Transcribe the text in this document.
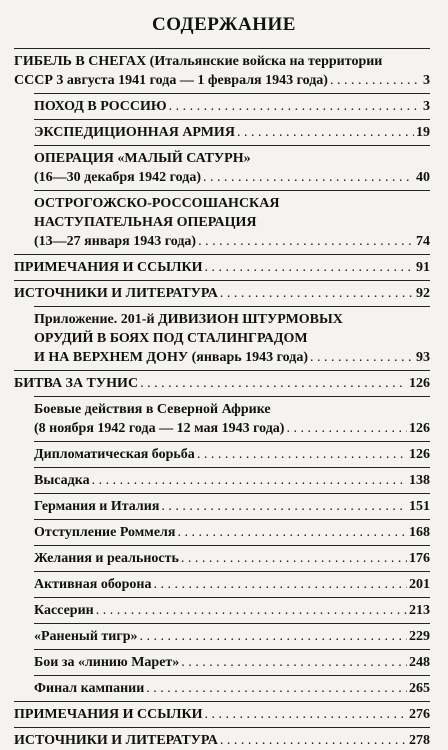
СОДЕРЖАНИЕ
ГИБЕЛЬ В СНЕГАХ (Итальянские войска на территории
СССР 3 августа 1941 года — 1 февраля 1943 года) . . .	3
ПОХОД В РОССИЮ . . .	3
ЭКСПЕДИЦИОННАЯ АРМИЯ . . .	19
ОПЕРАЦИЯ «МАЛЫЙ САТУРН»
(16—30 декабря 1942 года) . . .	40
ОСТРОГОЖСКО-РОССОШАНСКАЯ
НАСТУПАТЕЛЬНАЯ ОПЕРАЦИЯ
(13—27 января 1943 года) . . .	74
ПРИМЕЧАНИЯ И ССЫЛКИ . . .	91
ИСТОЧНИКИ И ЛИТЕРАТУРА . . .	92
Приложение. 201-й ДИВИЗИОН ШТУРМОВЫХ
ОРУДИЙ В БОЯХ ПОД СТАЛИНГРАДОМ
И НА ВЕРХНЕМ ДОНУ (январь 1943 года) . . .	93
БИТВА ЗА ТУНИС . . .	126
Боевые действия в Северной Африке
(8 ноября 1942 года — 12 мая 1943 года) . . .	126
Дипломатическая борьба . . .	126
Высадка . . .	138
Германия и Италия . . .	151
Отступление Роммеля . . .	168
Желания и реальность . . .	176
Активная оборона . . .	201
Кассерин . . .	213
«Раненый тигр» . . .	229
Бои за «линию Марет» . . .	248
Финал кампании . . .	265
ПРИМЕЧАНИЯ И ССЫЛКИ . . .	276
ИСТОЧНИКИ И ЛИТЕРАТУРА . . .	278
